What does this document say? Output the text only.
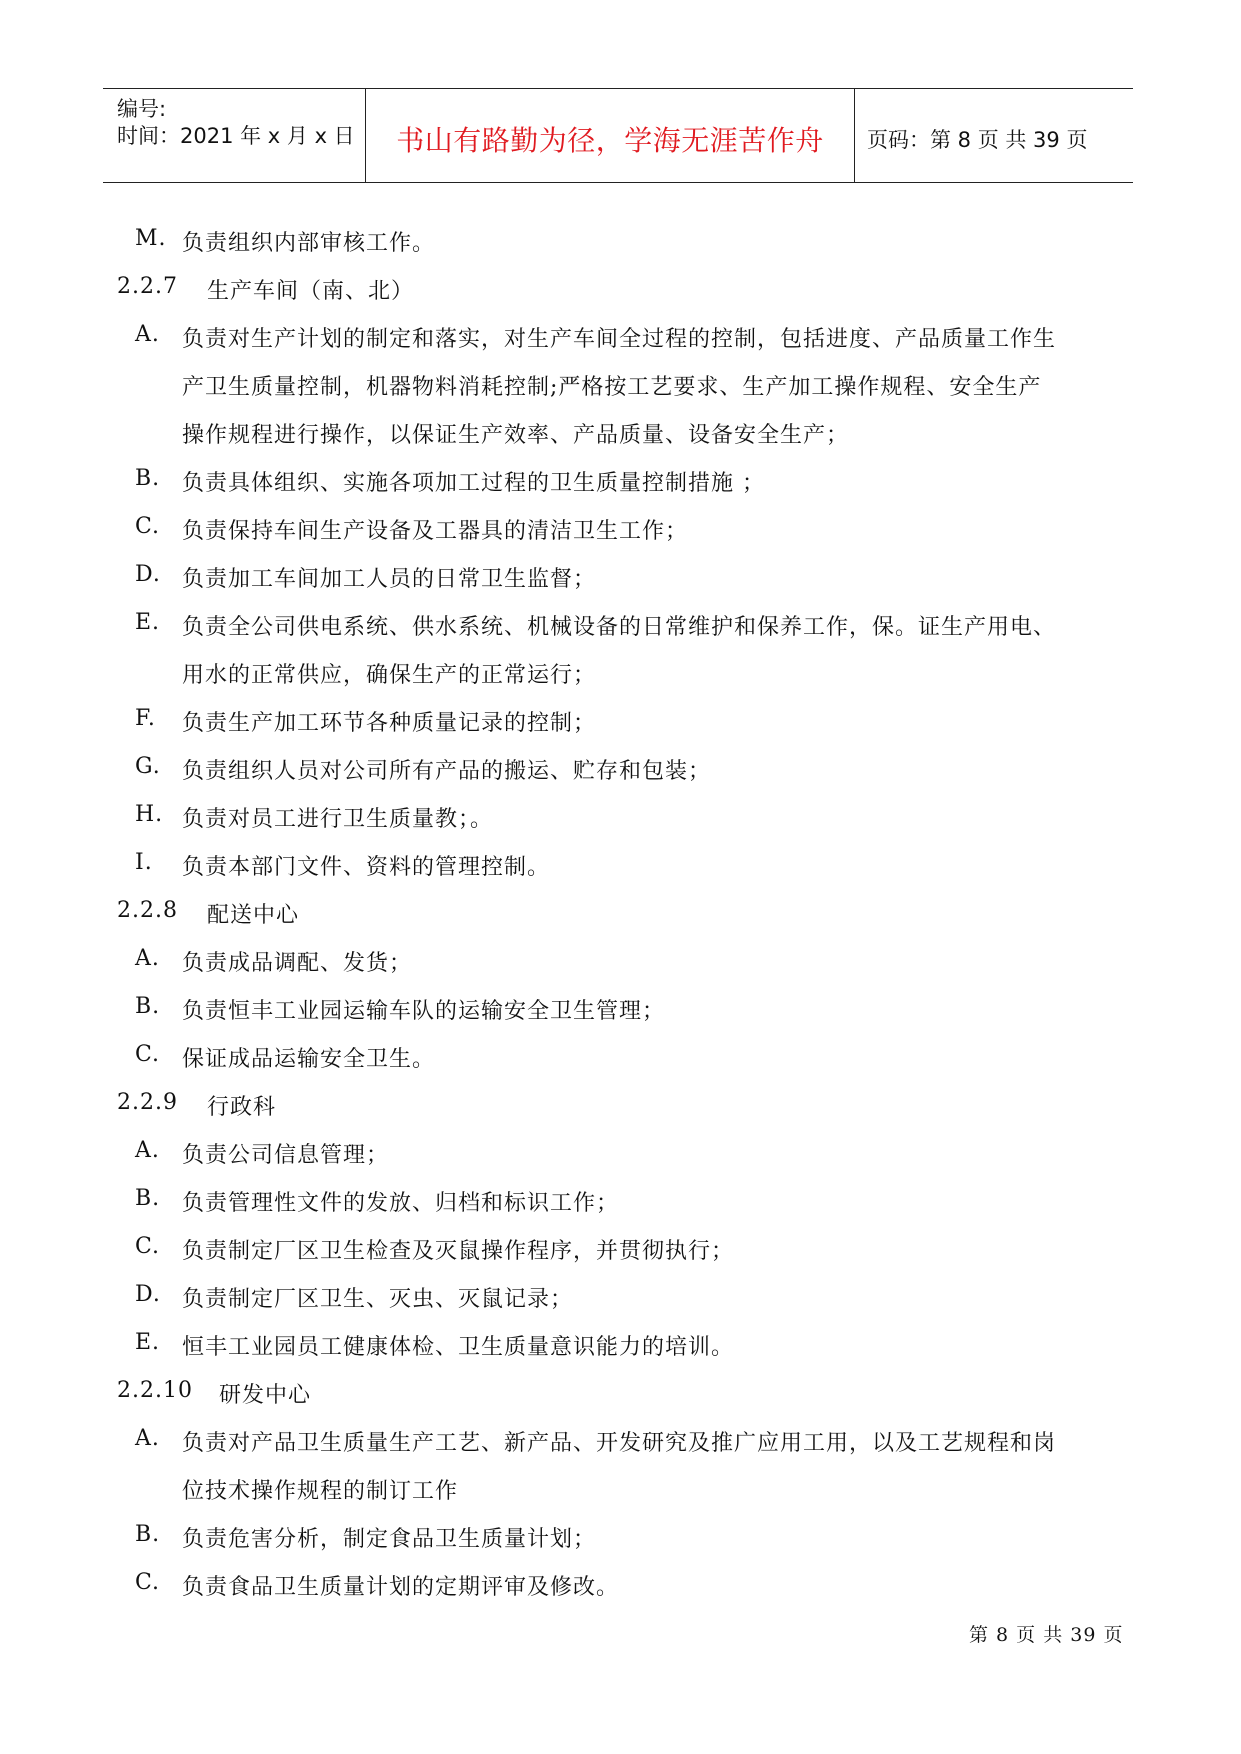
编号:
时间：2021 年 x 月 x 日	书山有路勤为径，学海无涯苦作舟	页码：第 8 页 共 39 页
M. 负责组织内部审核工作。
2.2.7 生产车间（南、北）
A. 负责对生产计划的制定和落实，对生产车间全过程的控制，包括进度、产品质量工作生
产卫生质量控制，机器物料消耗控制;严格按工艺要求、生产加工操作规程、安全生产
操作规程进行操作，以保证生产效率、产品质量、设备安全生产；
B. 负责具体组织、实施各项加工过程的卫生质量控制措施 ；
C. 负责保持车间生产设备及工器具的清洁卫生工作；
D. 负责加工车间加工人员的日常卫生监督；
E. 负责全公司供电系统、供水系统、机械设备的日常维护和保养工作，保。证生产用电、
用水的正常供应，确保生产的正常运行；
F. 负责生产加工环节各种质量记录的控制；
G. 负责组织人员对公司所有产品的搬运、贮存和包装；
H. 负责对员工进行卫生质量教；。
I. 负责本部门文件、资料的管理控制。
2.2.8 配送中心
A. 负责成品调配、发货；
B. 负责恒丰工业园运输车队的运输安全卫生管理；
C. 保证成品运输安全卫生。
2.2.9 行政科
A. 负责公司信息管理；
B. 负责管理性文件的发放、归档和标识工作；
C. 负责制定厂区卫生检查及灭鼠操作程序，并贯彻执行；
D. 负责制定厂区卫生、灭虫、灭鼠记录；
E. 恒丰工业园员工健康体检、卫生质量意识能力的培训。
2.2.10 研发中心
A. 负责对产品卫生质量生产工艺、新产品、开发研究及推广应用工用，以及工艺规程和岗
位技术操作规程的制订工作
B. 负责危害分析，制定食品卫生质量计划；
C. 负责食品卫生质量计划的定期评审及修改。
第 8 页 共 39 页
